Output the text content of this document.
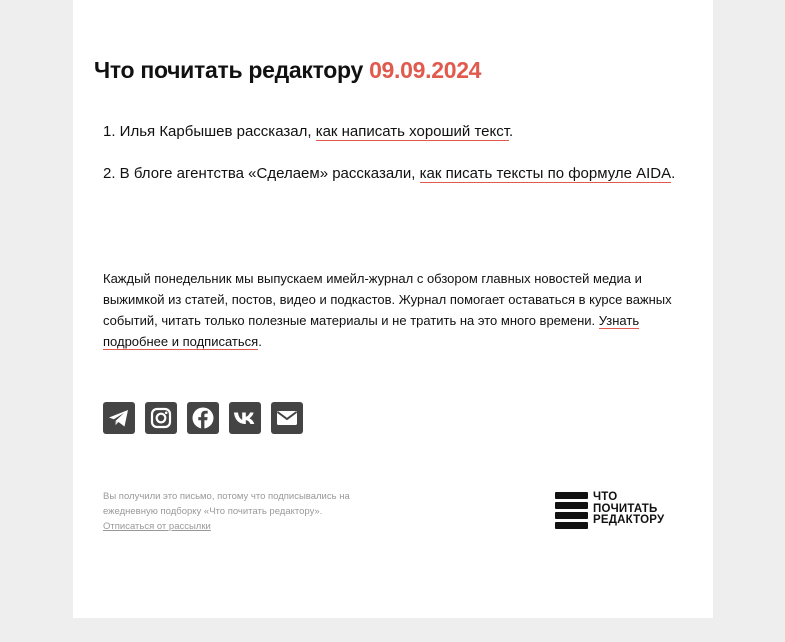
Что почитать редактору 09.09.2024

1. Илья Карбышев рассказал, как написать хороший текст.

2. В блоге агентства «Сделаем» рассказали, как писать тексты по формуле AIDA.

Каждый понедельник мы выпускаем имейл-журнал с обзором главных новостей медиа и выжимкой из статей, постов, видео и подкастов. Журнал помогает оставаться в курсе важных событий, читать только полезные материалы и не тратить на это много времени. Узнать подробнее и подписаться.

Вы получили это письмо, потому что подписывались на ежедневную подборку «Что почитать редактору».
Отписаться от рассылки

ЧТО
ПОЧИТАТЬ
РЕДАКТОРУ
